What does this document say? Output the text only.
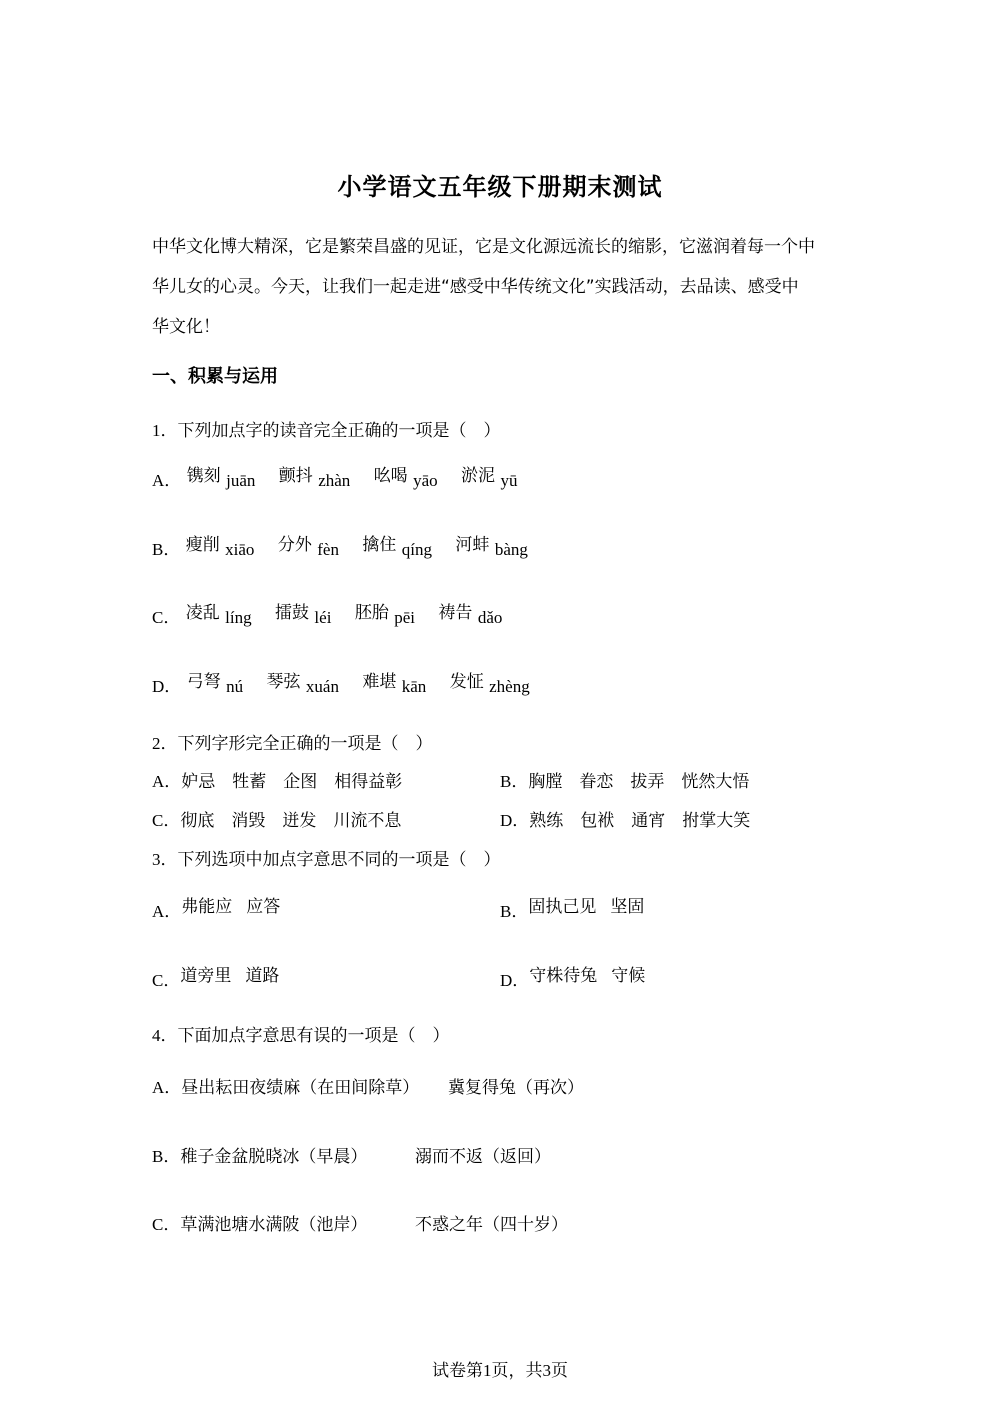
小学语文五年级下册期末测试
中华文化博大精深，它是繁荣昌盛的见证，它是文化源远流长的缩影，它滋润着每一个中
华儿女的心灵。今天，让我们一起走进“感受中华传统文化”实践活动，去品读、感受中
华文化！
一、积累与运用
1．下列加点字的读音完全正确的一项是（　）
A． 镌刻 juān 颤抖 zhàn 吆喝 yāo 淤泥 yū
B． 瘦削 xiāo 分外 fèn 擒住 qíng 河蚌 bàng
C． 凌乱 líng 擂鼓 léi 胚胎 pēi 祷告 dǎo
D． 弓弩 nú 琴弦 xuán 难堪 kān 发怔 zhèng
2．下列字形完全正确的一项是（　）
A．妒忌　牲蓄　企图　相得益彰	B．胸膛　眷恋　拔弄　恍然大悟
C．彻底　消毁　迸发　川流不息	D．熟练　包袱　通宵　拊掌大笑
3．下列选项中加点字意思不同的一项是（　）
A．弗能应 应答	B．固执己见 坚固
C．道旁里 道路	D．守株待兔 守候
4．下面加点字意思有误的一项是（　）
A．昼出耘田夜绩麻（在田间除草） 冀复得兔（再次）
B．稚子金盆脱晓冰（早晨）	溺而不返（返回）
C．草满池塘水满陂（池岸）	不惑之年（四十岁）
试卷第1页，共3页
